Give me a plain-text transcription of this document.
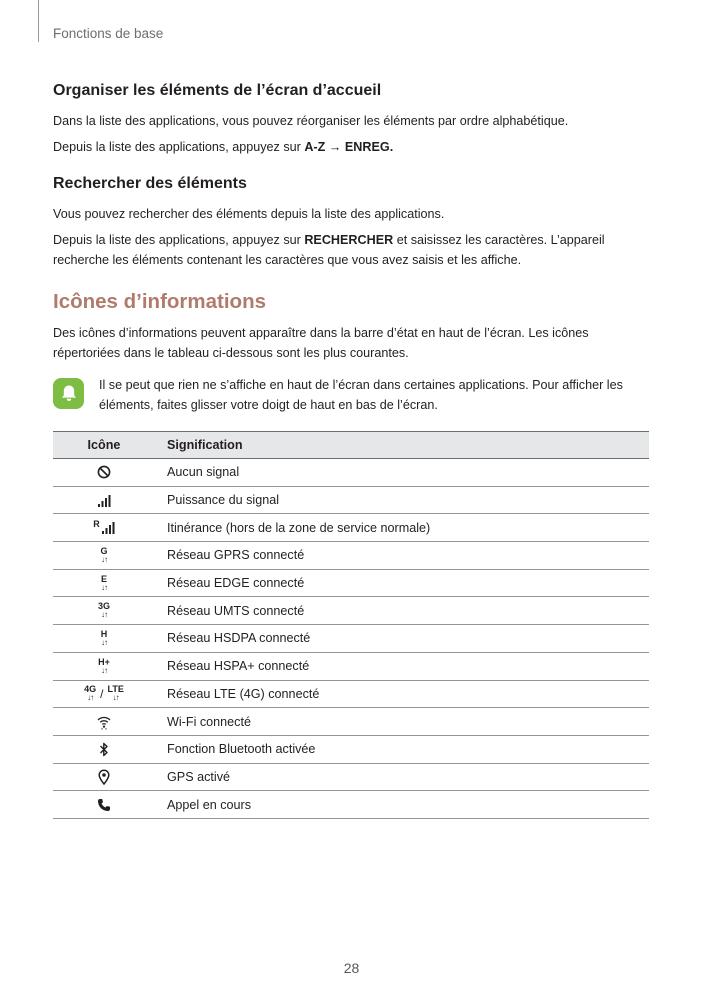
Fonctions de base
Organiser les éléments de l’écran d’accueil

Dans la liste des applications, vous pouvez réorganiser les éléments par ordre alphabétique.

Depuis la liste des applications, appuyez sur A-Z → ENREG.

Rechercher des éléments

Vous pouvez rechercher des éléments depuis la liste des applications.

Depuis la liste des applications, appuyez sur RECHERCHER et saisissez les caractères. L’appareil recherche les éléments contenant les caractères que vous avez saisis et les affiche.

Icônes d’informations

Des icônes d’informations peuvent apparaître dans la barre d’état en haut de l’écran. Les icônes répertoriées dans le tableau ci-dessous sont les plus courantes.

Il se peut que rien ne s’affiche en haut de l’écran dans certaines applications. Pour afficher les éléments, faites glisser votre doigt de haut en bas de l’écran.

Icône	Signification

	Aucun signal

	Puissance du signal

R	Itinérance (hors de la zone de service normale)

G
↓↑	Réseau GPRS connecté

E
↓↑	Réseau EDGE connecté

3G
↓↑	Réseau UMTS connecté

H
↓↑	Réseau HSDPA connecté

H+
↓↑	Réseau HSPA+ connecté

4G
↓↑ / LTE
↓↑	Réseau LTE (4G) connecté

	Wi-Fi connecté

	Fonction Bluetooth activée

	GPS activé

	Appel en cours
28
